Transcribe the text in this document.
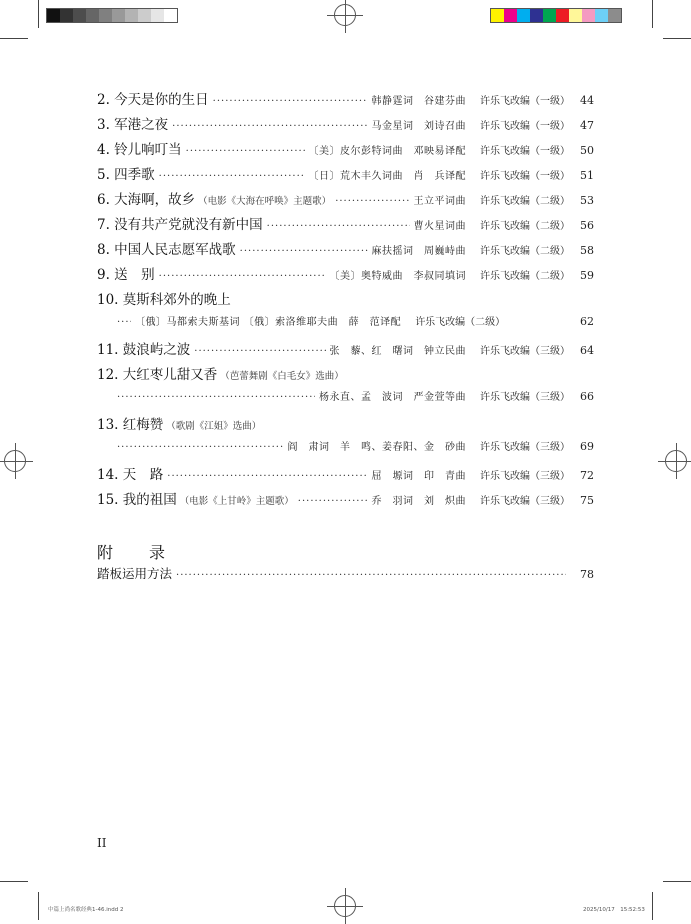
2. 今天是你的生日 ·····	韩静霆词　谷建芬曲 许乐飞改编（一级） 44
3. 军港之夜 ·····	马金星词　刘诗召曲 许乐飞改编（一级） 47
4. 铃儿响叮当 ·····	〔美〕皮尔彭特词曲　邓映易译配 许乐飞改编（一级） 50
5. 四季歌 ·····	〔日〕荒木丰久词曲　肖　兵译配 许乐飞改编（一级） 51
6. 大海啊，故乡 （电影《大海在呼唤》主题歌） ·····	王立平词曲 许乐飞改编（二级） 53
7. 没有共产党就没有新中国 ·····	曹火星词曲 许乐飞改编（二级） 56
8. 中国人民志愿军战歌 ·····	麻扶摇词　周巍峙曲 许乐飞改编（二级） 58
9. 送　别 ·····	〔美〕奥特威曲　李叔同填词 许乐飞改编（二级） 59
10. 莫斯科郊外的晚上
·····
〔俄〕马都索夫斯基词 〔俄〕索洛维耶夫曲　薛　范译配 许乐飞改编（二级）	62
11. 鼓浪屿之波 ·····	张　藜、红　曙词　钟立民曲 许乐飞改编（三级） 64
12. 大红枣儿甜又香 （芭蕾舞剧《白毛女》选曲）
·····
杨永直、孟　波词　严金萱等曲 许乐飞改编（三级） 66
13. 红梅赞 （歌剧《江姐》选曲）
·····
阎　肃词　羊　鸣、姜春阳、金　砂曲 许乐飞改编（三级） 69
14. 天　路 ·····	屈　塬词　印　青曲 许乐飞改编（三级） 72
15. 我的祖国 （电影《上甘岭》主题歌） ·····	乔　羽词　刘　炽曲 许乐飞改编（三级） 75
附　录
踏板运用方法 ·····	78
II
中篇上尚名歌经典1-46.indd 2	2025/10/17　15:52:53
